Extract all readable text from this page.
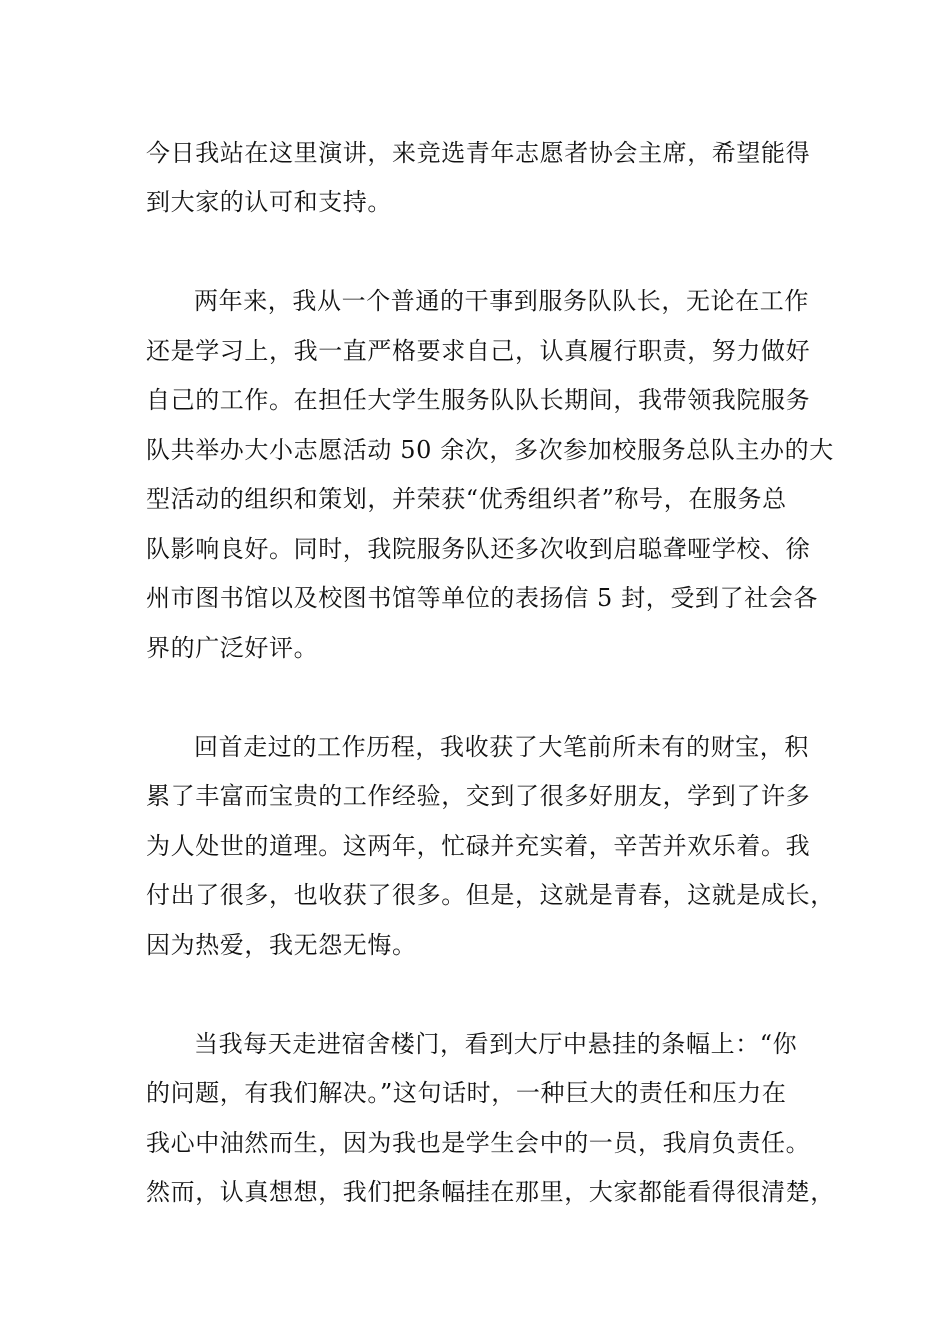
今日我站在这里演讲，来竞选青年志愿者协会主席，希望能得
到大家的认可和支持。
两年来，我从一个普通的干事到服务队队长，无论在工作
还是学习上，我一直严格要求自己，认真履行职责，努力做好
自己的工作。在担任大学生服务队队长期间，我带领我院服务
队共举办大小志愿活动 50 余次，多次参加校服务总队主办的大
型活动的组织和策划，并荣获“优秀组织者”称号，在服务总
队影响良好。同时，我院服务队还多次收到启聪聋哑学校、徐
州市图书馆以及校图书馆等单位的表扬信 5 封，受到了社会各
界的广泛好评。
回首走过的工作历程，我收获了大笔前所未有的财宝，积
累了丰富而宝贵的工作经验，交到了很多好朋友，学到了许多
为人处世的道理。这两年，忙碌并充实着，辛苦并欢乐着。我
付出了很多，也收获了很多。但是，这就是青春，这就是成长，
因为热爱，我无怨无悔。
当我每天走进宿舍楼门，看到大厅中悬挂的条幅上：“你
的问题，有我们解决。”这句话时，一种巨大的责任和压力在
我心中油然而生，因为我也是学生会中的一员，我肩负责任。
然而，认真想想，我们把条幅挂在那里，大家都能看得很清楚，
